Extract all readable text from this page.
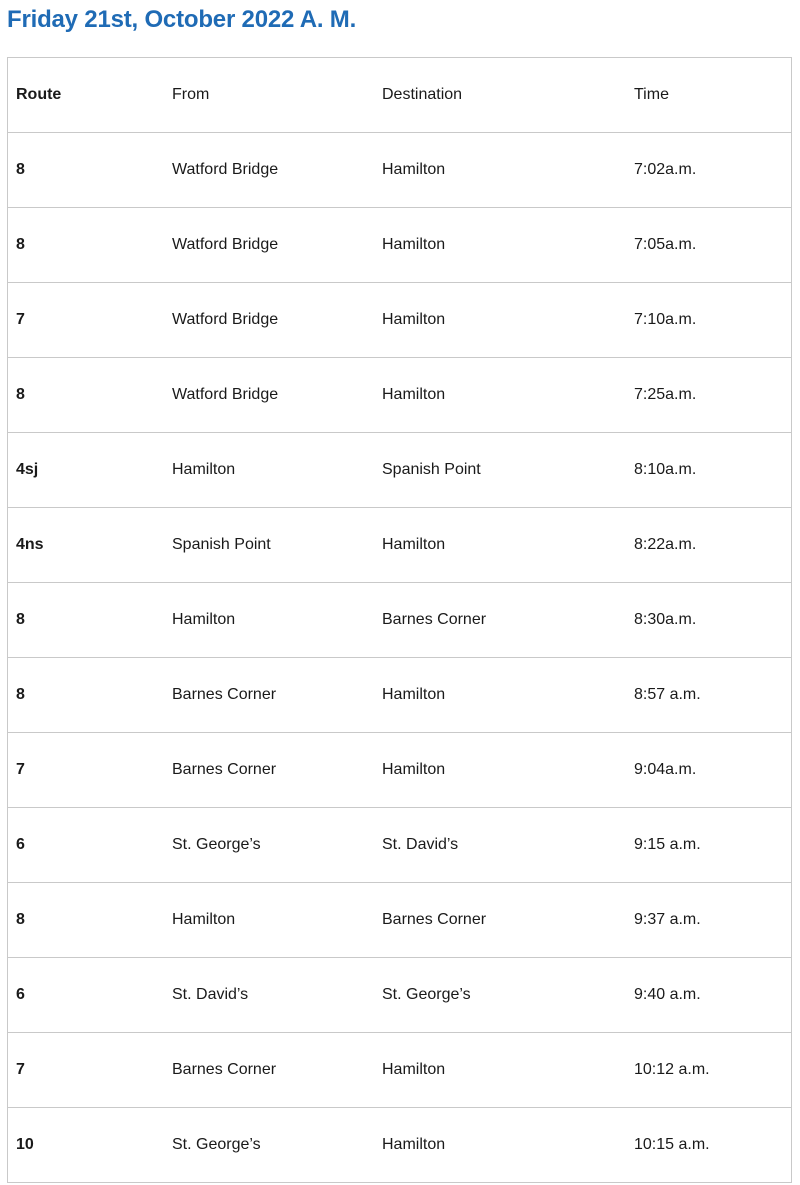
Friday 21st, October 2022 A. M.
Route	From	Destination	Time
8	Watford Bridge	Hamilton	7:02a.m.
8	Watford Bridge	Hamilton	7:05a.m.
7	Watford Bridge	Hamilton	7:10a.m.
8	Watford Bridge	Hamilton	7:25a.m.
4sj	Hamilton	Spanish Point	8:10a.m.
4ns	Spanish Point	Hamilton	8:22a.m.
8	Hamilton	Barnes Corner	8:30a.m.
8	Barnes Corner	Hamilton	8:57 a.m.
7	Barnes Corner	Hamilton	9:04a.m.
6	St. George’s	St. David’s	9:15 a.m.
8	Hamilton	Barnes Corner	9:37 a.m.
6	St. David’s	St. George’s	9:40 a.m.
7	Barnes Corner	Hamilton	10:12 a.m.
10	St. George’s	Hamilton	10:15 a.m.
